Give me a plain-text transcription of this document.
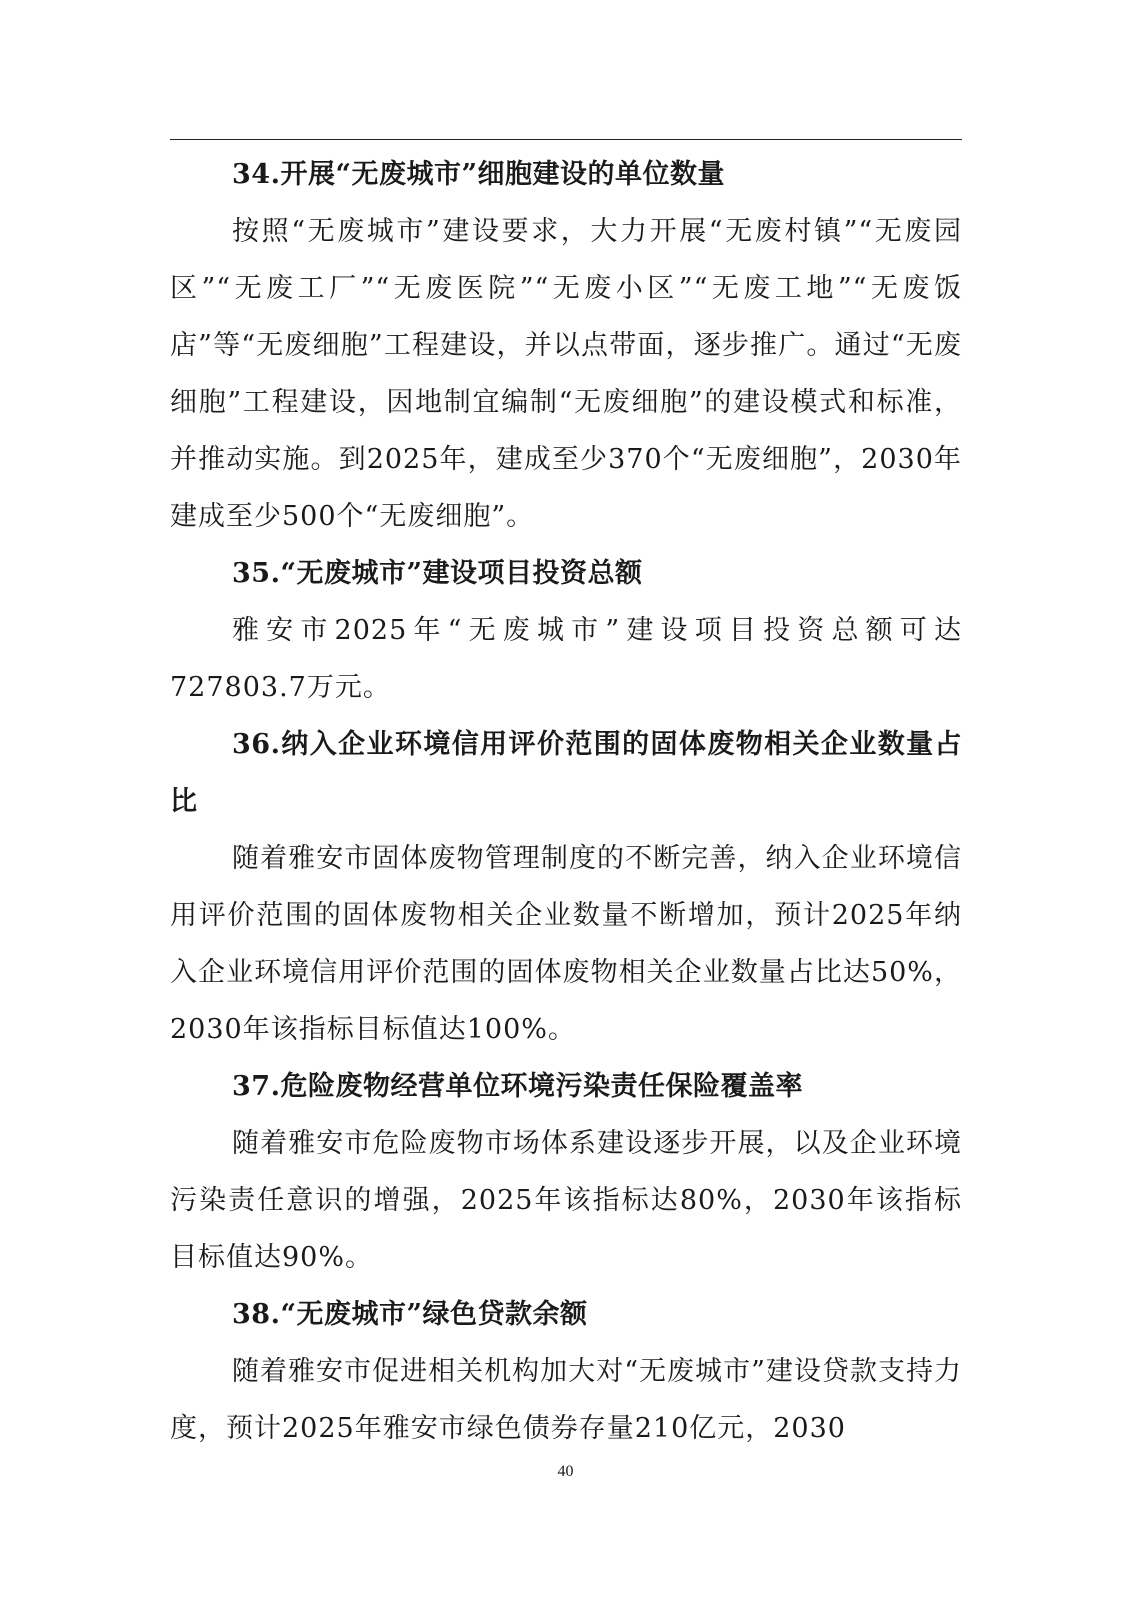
34.开展“无废城市”细胞建设的单位数量

按照“无废城市”建设要求，大力开展“无废村镇”“无废园区”“无废工厂”“无废医院”“无废小区”“无废工地”“无废饭店”等“无废细胞”工程建设，并以点带面，逐步推广。通过“无废细胞”工程建设，因地制宜编制“无废细胞”的建设模式和标准，并推动实施。到2025年，建成至少370个“无废细胞”，2030年建成至少500个“无废细胞”。

35.“无废城市”建设项目投资总额

雅安市2025年“无废城市”建设项目投资总额可达727803.7万元。

36.纳入企业环境信用评价范围的固体废物相关企业数量占比

随着雅安市固体废物管理制度的不断完善，纳入企业环境信用评价范围的固体废物相关企业数量不断增加，预计2025年纳入企业环境信用评价范围的固体废物相关企业数量占比达50%，2030年该指标目标值达100%。

37.危险废物经营单位环境污染责任保险覆盖率

随着雅安市危险废物市场体系建设逐步开展，以及企业环境污染责任意识的增强，2025年该指标达80%，2030年该指标目标值达90%。

38.“无废城市”绿色贷款余额

随着雅安市促进相关机构加大对“无废城市”建设贷款支持力度，预计2025年雅安市绿色债券存量210亿元，2030

40
